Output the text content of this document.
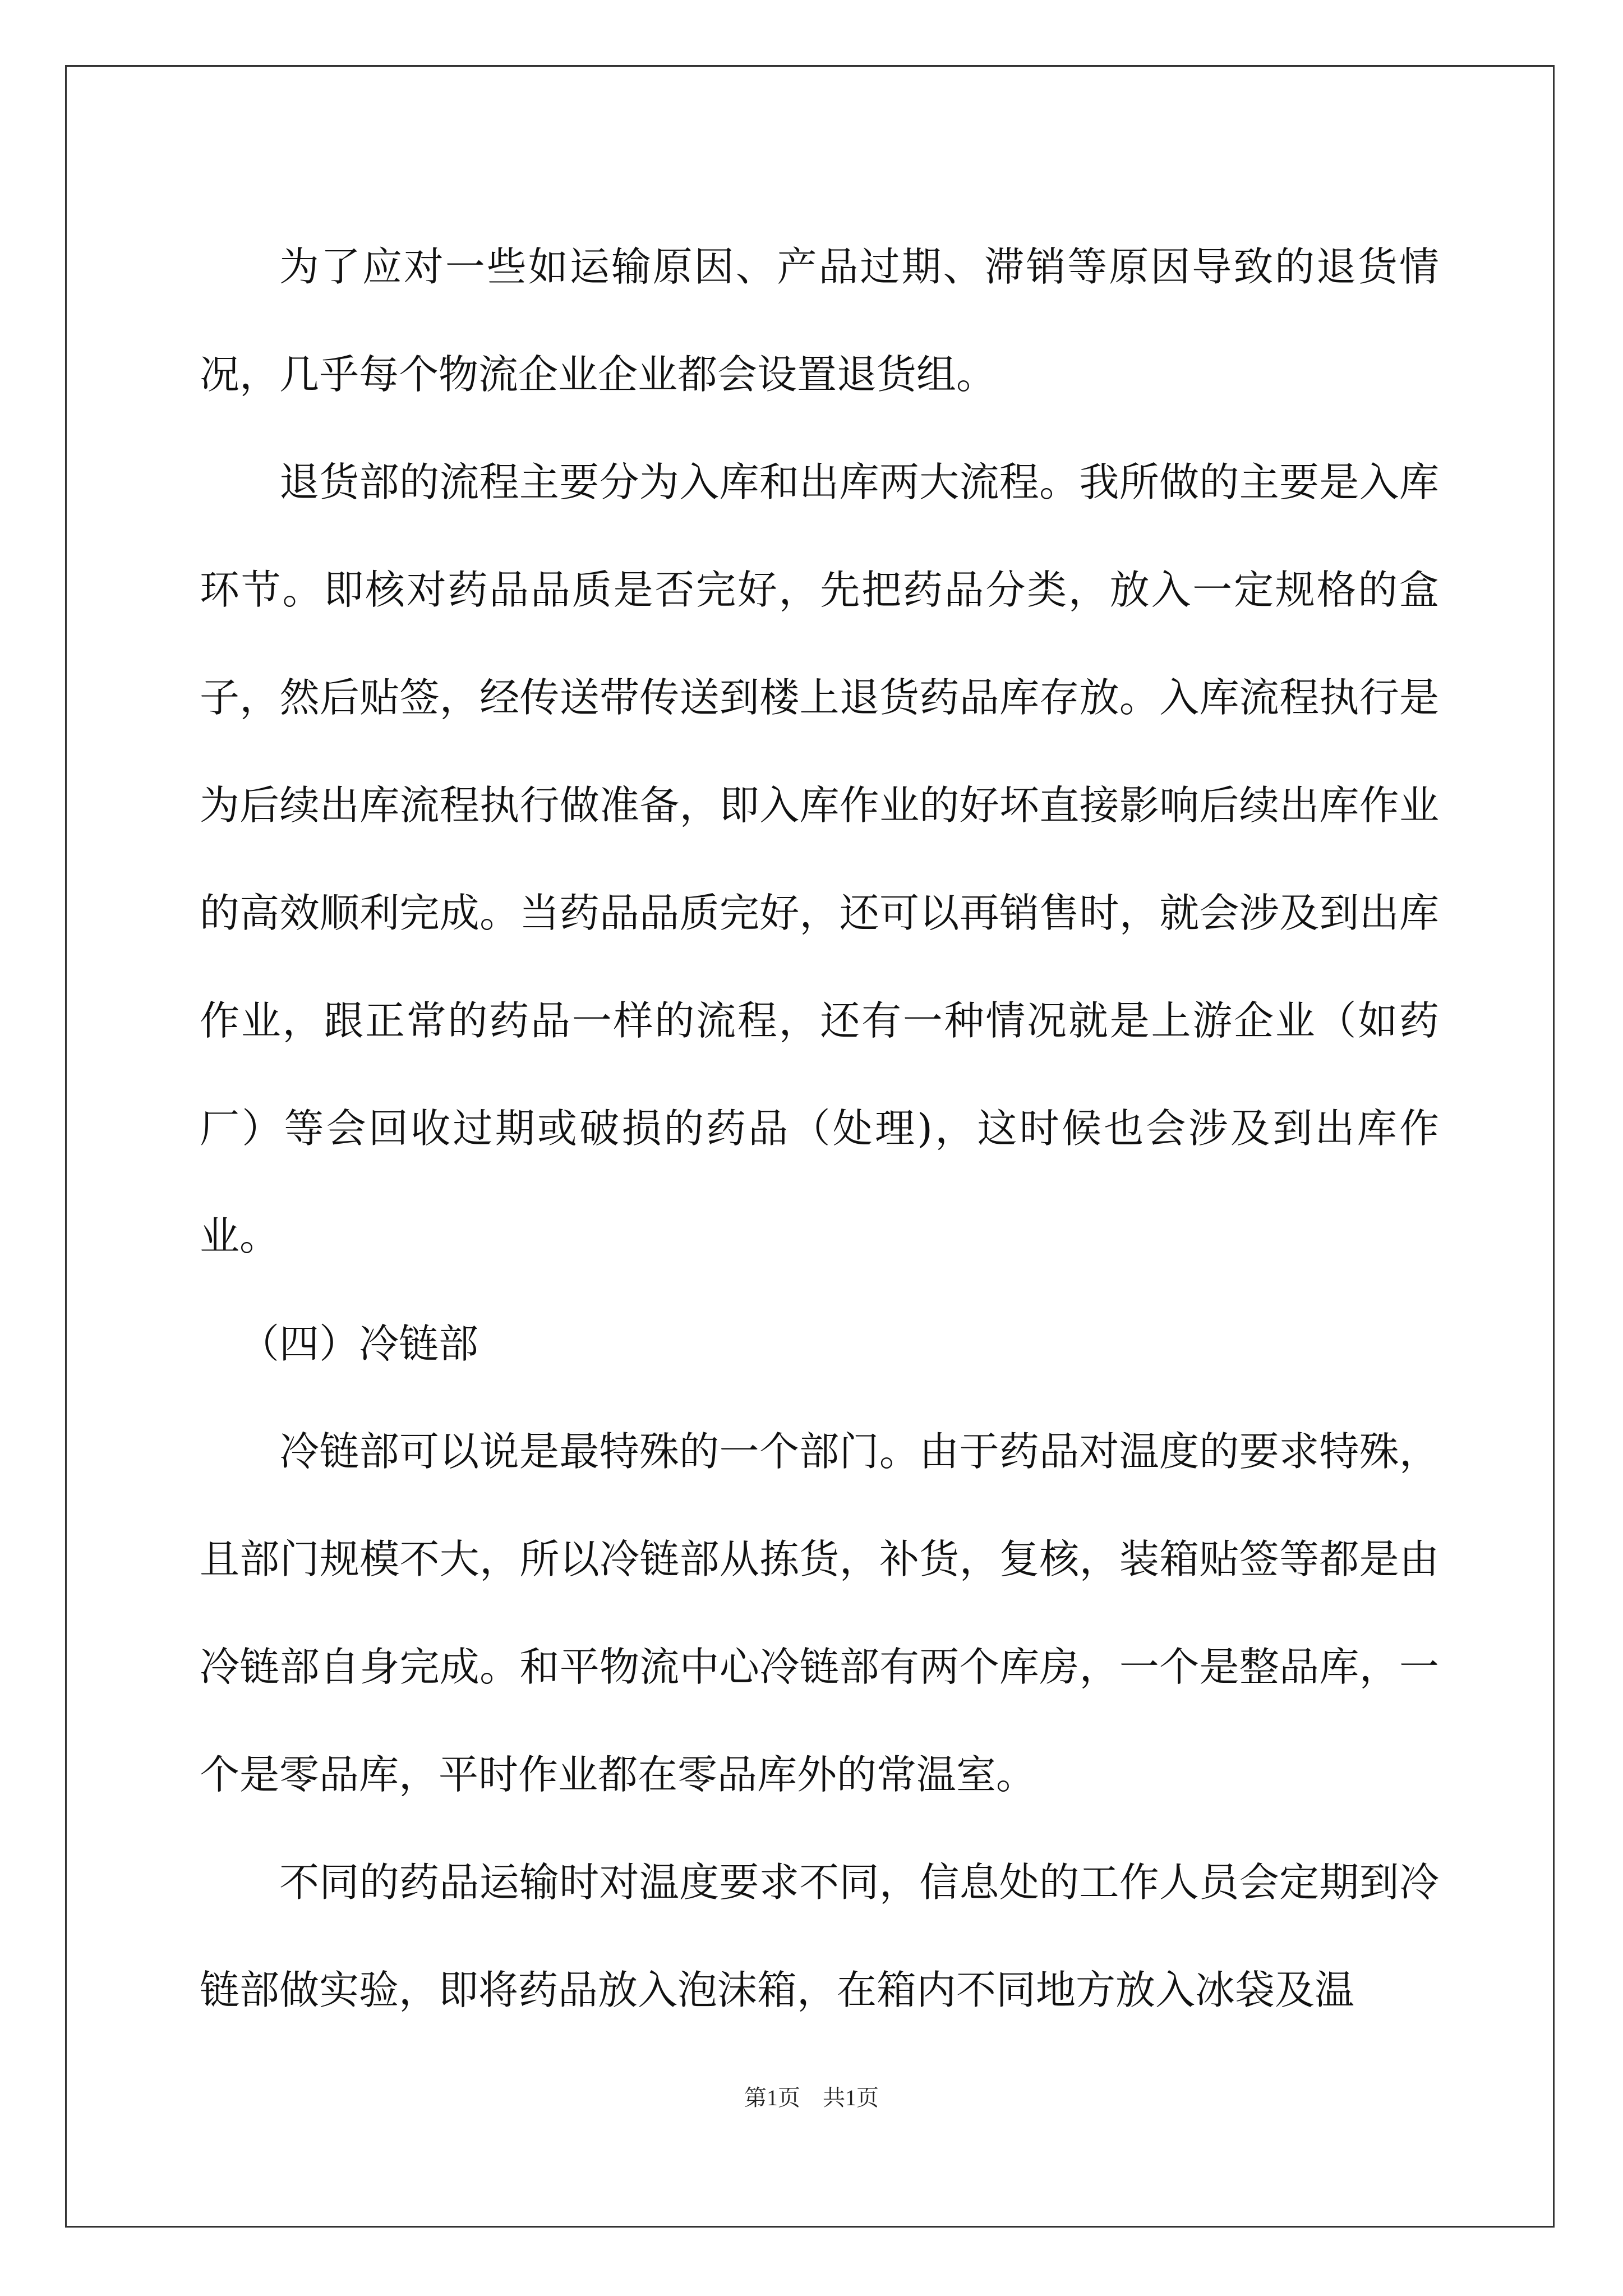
为了应对一些如运输原因、产品过期、滞销等原因导致的退货情况，几乎每个物流企业企业都会设置退货组。

退货部的流程主要分为入库和出库两大流程。我所做的主要是入库环节。即核对药品品质是否完好，先把药品分类，放入一定规格的盒子，然后贴签，经传送带传送到楼上退货药品库存放。入库流程执行是为后续出库流程执行做准备，即入库作业的好坏直接影响后续出库作业的高效顺利完成。当药品品质完好，还可以再销售时，就会涉及到出库作业，跟正常的药品一样的流程，还有一种情况就是上游企业（如药厂）等会回收过期或破损的药品（处理)，这时候也会涉及到出库作业。

（四）冷链部

冷链部可以说是最特殊的一个部门。由于药品对温度的要求特殊，且部门规模不大，所以冷链部从拣货，补货，复核，装箱贴签等都是由冷链部自身完成。和平物流中心冷链部有两个库房，一个是整品库，一个是零品库，平时作业都在零品库外的常温室。

不同的药品运输时对温度要求不同，信息处的工作人员会定期到冷链部做实验，即将药品放入泡沫箱，在箱内不同地方放入冰袋及温

第1页　共1页
